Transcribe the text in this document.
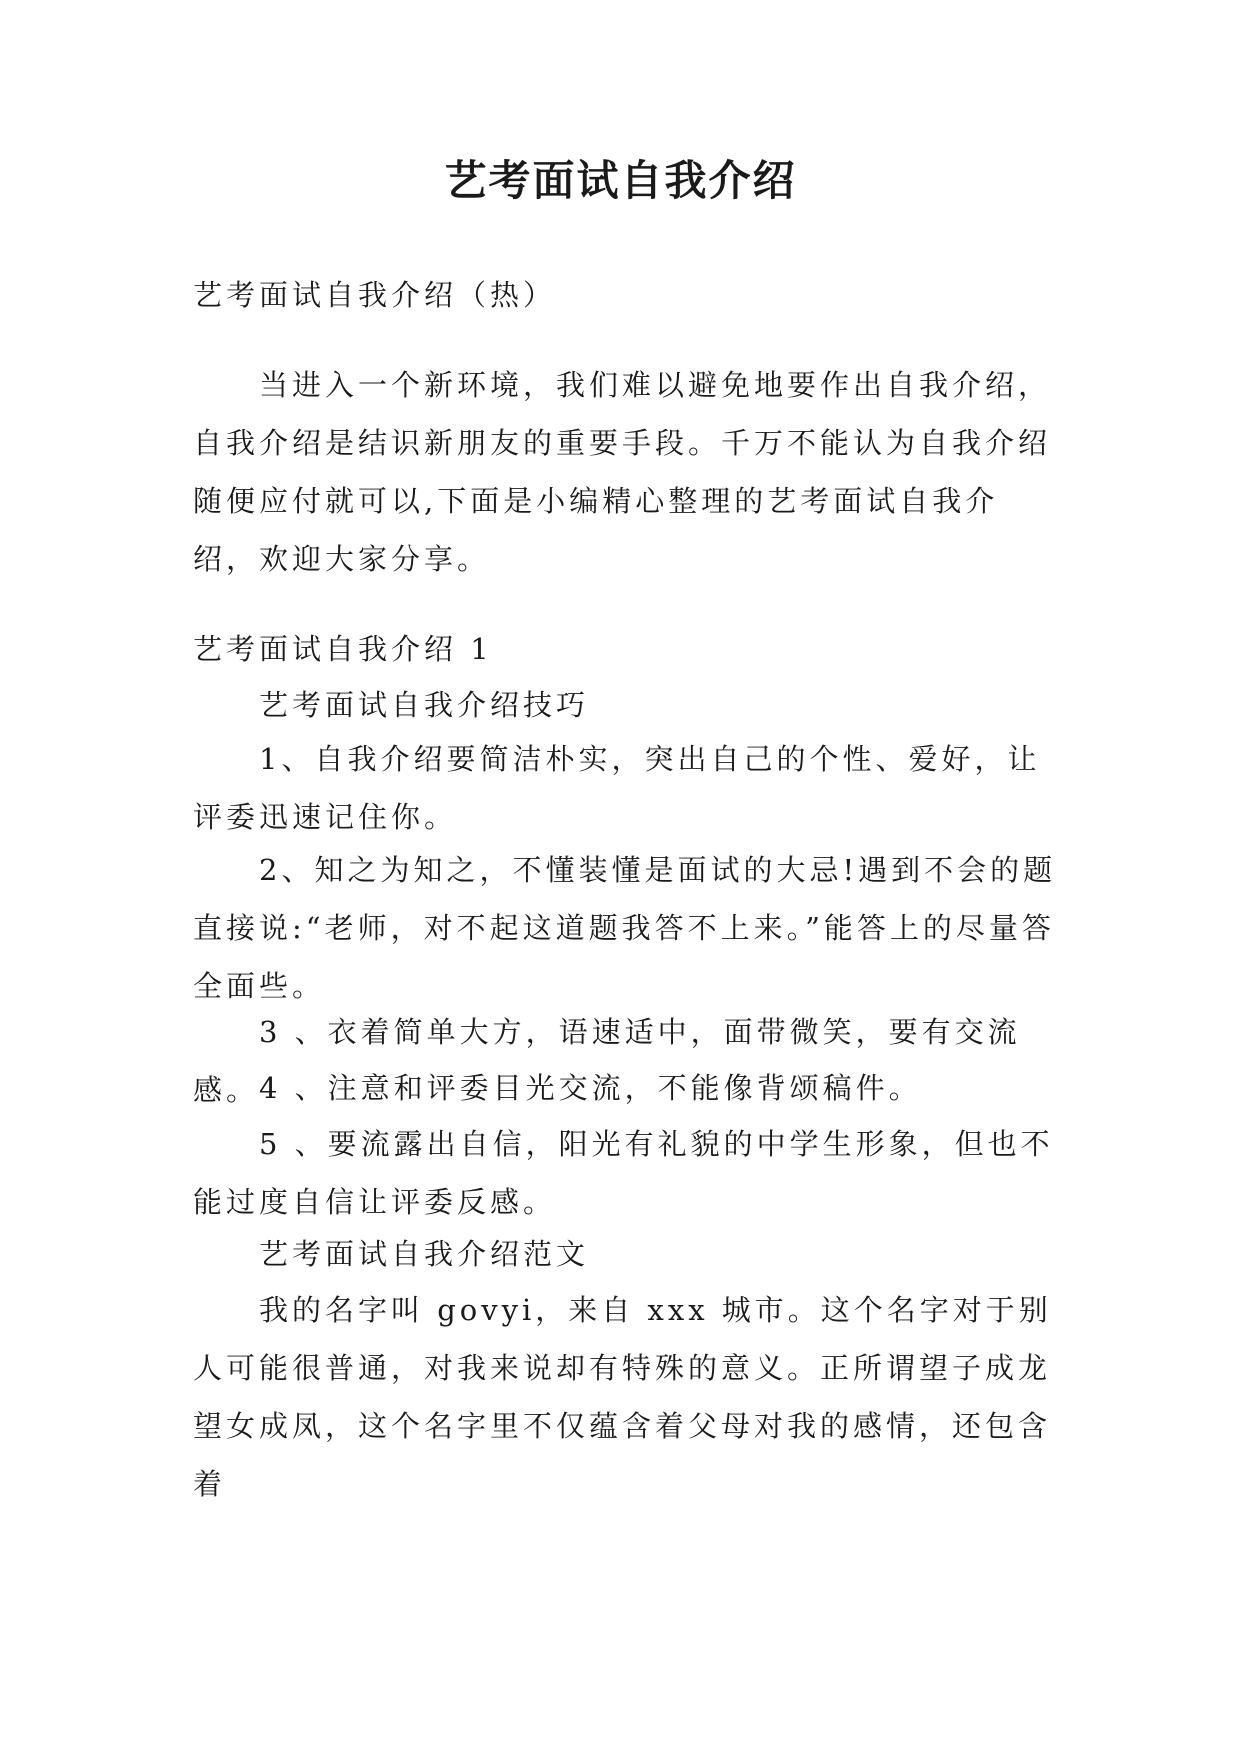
艺考面试自我介绍

艺考面试自我介绍（热）

当进入一个新环境，我们难以避免地要作出自我介绍，自我介绍是结识新朋友的重要手段。千万不能认为自我介绍随便应付就可以,下面是小编精心整理的艺考面试自我介绍，欢迎大家分享。

艺考面试自我介绍 1

艺考面试自我介绍技巧

1、自我介绍要简洁朴实，突出自己的个性、爱好，让评委迅速记住你。

2、知之为知之，不懂装懂是面试的大忌!遇到不会的题直接说:“老师，对不起这道题我答不上来。”能答上的尽量答全面些。

3 、衣着简单大方，语速适中，面带微笑，要有交流感。 4 、注意和评委目光交流，不能像背颂稿件。

5 、要流露出自信，阳光有礼貌的中学生形象，但也不能过度自信让评委反感。

艺考面试自我介绍范文

我的名字叫 govyi，来自 xxx 城市。这个名字对于别人可能很普通，对我来说却有特殊的意义。正所谓望子成龙望女成凤，这个名字里不仅蕴含着父母对我的感情，还包含着
